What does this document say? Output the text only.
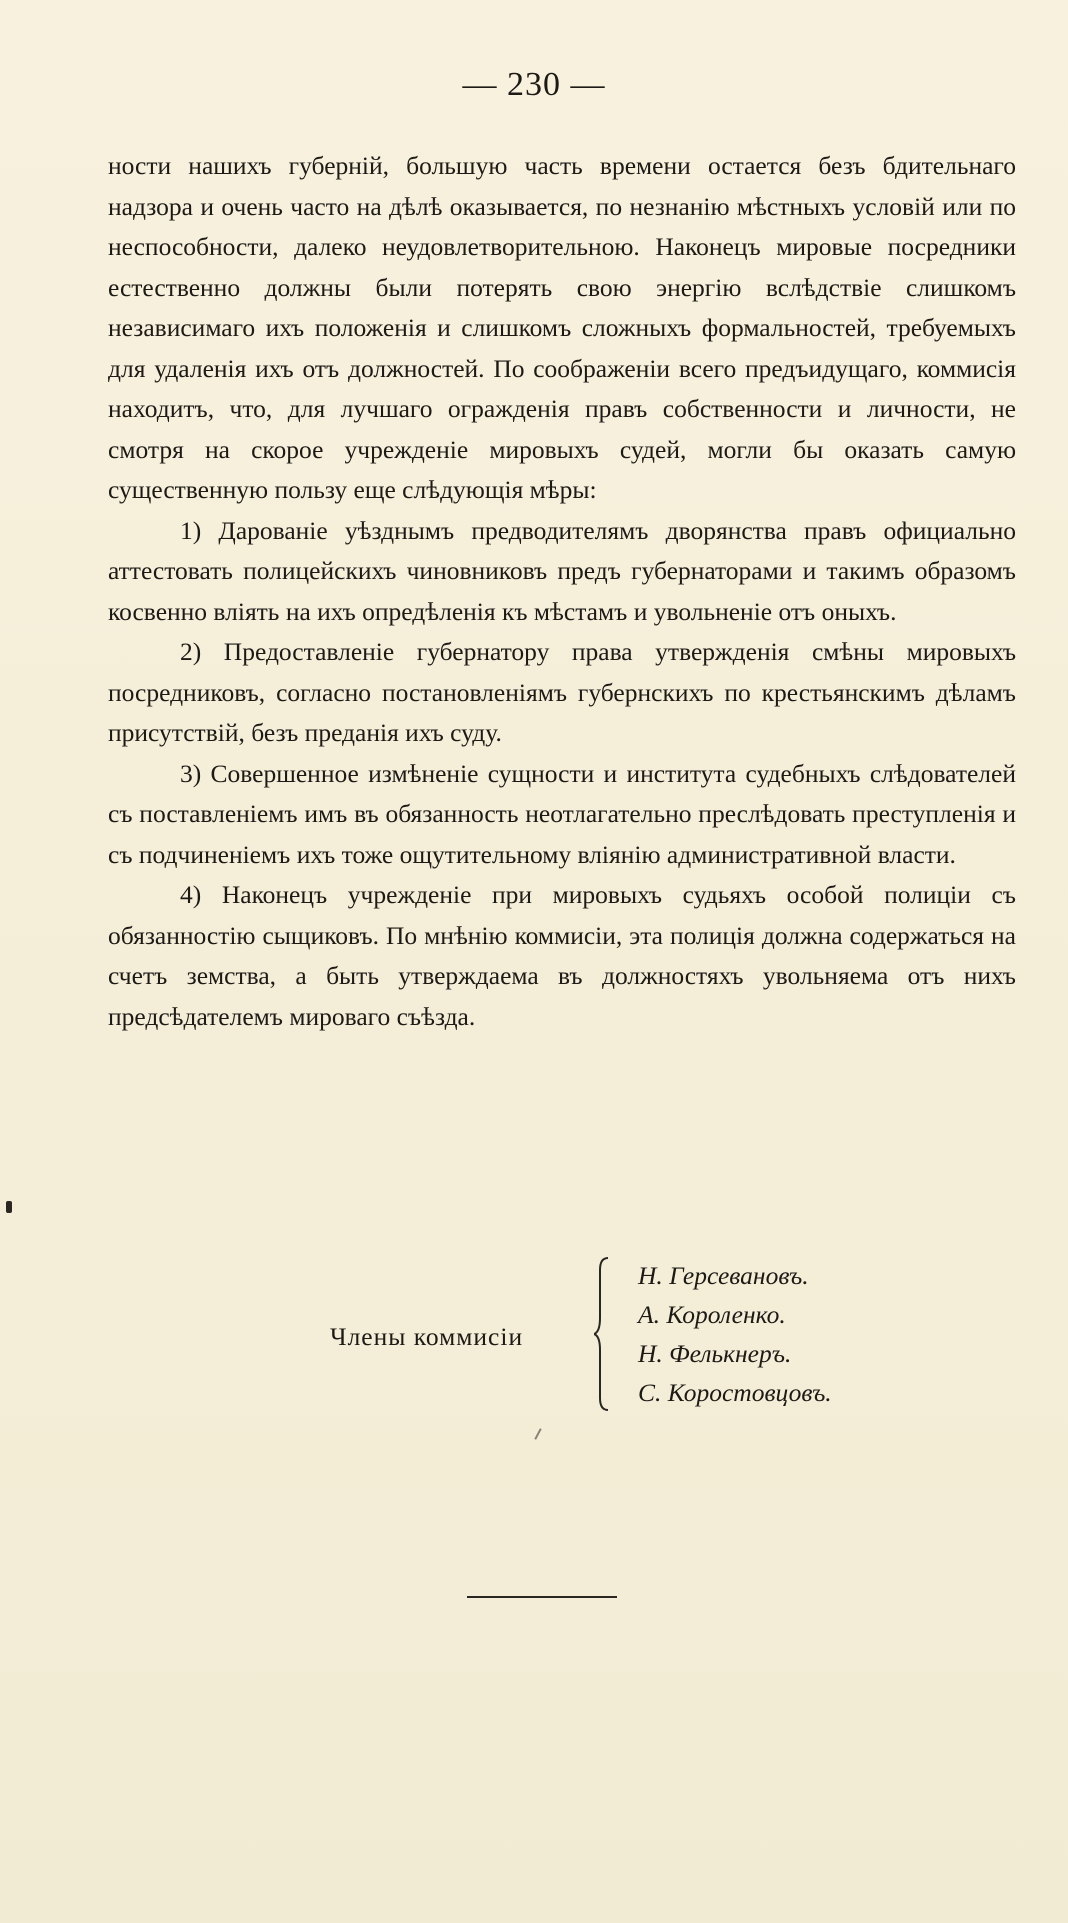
— 230 —

ности нашихъ губерній, большую часть времени остается безъ бдительнаго надзора и очень часто на дѣлѣ оказывается, по незнанію мѣстныхъ условій или по неспособности, далеко неудовлетворительною. Наконецъ мировые посредники естественно должны были потерять свою энергію вслѣдствіе слишкомъ независимаго ихъ положенія и слишкомъ сложныхъ формальностей, требуемыхъ для удаленія ихъ отъ должностей. По соображеніи всего предъидущаго, коммисія находитъ, что, для лучшаго огражденія правъ собственности и личности, не смотря на скорое учрежденіе мировыхъ судей, могли бы оказать самую существенную пользу еще слѣдующія мѣры:

1) Дарованіе уѣзднымъ предводителямъ дворянства правъ официально аттестовать полицейскихъ чиновниковъ предъ губернаторами и такимъ образомъ косвенно вліять на ихъ опредѣленія къ мѣстамъ и увольненіе отъ оныхъ.

2) Предоставленіе губернатору права утвержденія смѣны мировыхъ посредниковъ, согласно постановленіямъ губернскихъ по крестьянскимъ дѣламъ присутствій, безъ преданія ихъ суду.

3) Совершенное измѣненіе сущности и института судебныхъ слѣдователей съ поставленіемъ имъ въ обязанность неотлагательно преслѣдовать преступленія и съ подчиненіемъ ихъ тоже ощутительному вліянію административной власти.

4) Наконецъ учрежденіе при мировыхъ судьяхъ особой полиціи съ обязанностію сыщиковъ. По мнѣнію коммисіи, эта полиція должна содержаться на счетъ земства, а быть утверждаема въ должностяхъ увольняема отъ нихъ предсѣдателемъ мироваго съѣзда.

Члены коммисіи
Н. Герсевановъ.
А. Короленко.
Н. Фелькнеръ.
С. Коростовцовъ.
